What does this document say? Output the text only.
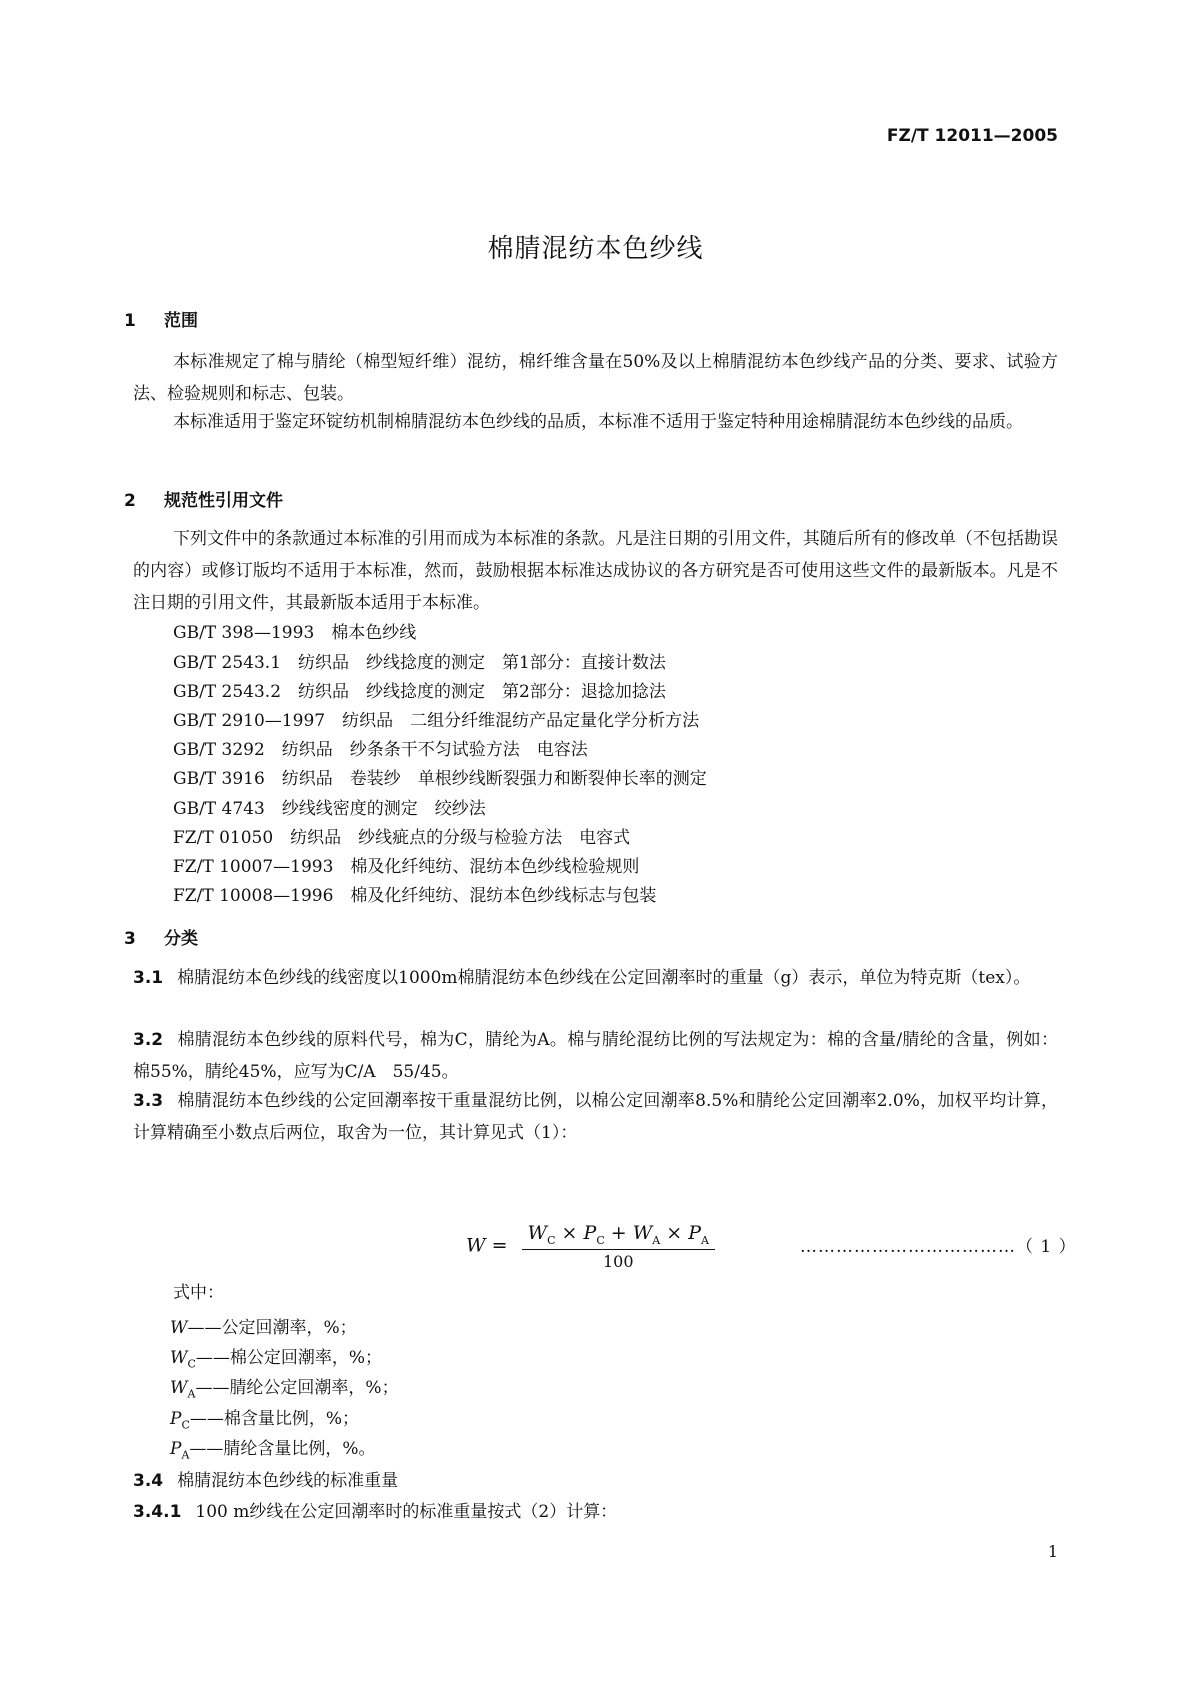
FZ/T 12011—2005
棉腈混纺本色纱线
1 范围
本标准规定了棉与腈纶（棉型短纤维）混纺，棉纤维含量在50%及以上棉腈混纺本色纱线产品的分类、要求、试验方法、检验规则和标志、包装。
本标准适用于鉴定环锭纺机制棉腈混纺本色纱线的品质，本标准不适用于鉴定特种用途棉腈混纺本色纱线的品质。
2 规范性引用文件
下列文件中的条款通过本标准的引用而成为本标准的条款。凡是注日期的引用文件，其随后所有的修改单（不包括勘误的内容）或修订版均不适用于本标准，然而，鼓励根据本标准达成协议的各方研究是否可使用这些文件的最新版本。凡是不注日期的引用文件，其最新版本适用于本标准。
GB/T 398—1993　棉本色纱线
GB/T 2543.1　纺织品　纱线捻度的测定　第1部分：直接计数法
GB/T 2543.2　纺织品　纱线捻度的测定　第2部分：退捻加捻法
GB/T 2910—1997　纺织品　二组分纤维混纺产品定量化学分析方法
GB/T 3292　纺织品　纱条条干不匀试验方法　电容法
GB/T 3916　纺织品　卷装纱　单根纱线断裂强力和断裂伸长率的测定
GB/T 4743　纱线线密度的测定　绞纱法
FZ/T 01050　纺织品　纱线疵点的分级与检验方法　电容式
FZ/T 10007—1993　棉及化纤纯纺、混纺本色纱线检验规则
FZ/T 10008—1996　棉及化纤纯纺、混纺本色纱线标志与包装
3 分类
3.1 棉腈混纺本色纱线的线密度以1000m棉腈混纺本色纱线在公定回潮率时的重量（g）表示，单位为特克斯（tex）。
3.2 棉腈混纺本色纱线的原料代号，棉为C，腈纶为A。棉与腈纶混纺比例的写法规定为：棉的含量/腈纶的含量，例如：棉55%，腈纶45%，应写为C/A　55/45。
3.3 棉腈混纺本色纱线的公定回潮率按干重量混纺比例，以棉公定回潮率8.5%和腈纶公定回潮率2.0%，加权平均计算，计算精确至小数点后两位，取舍为一位，其计算见式（1）：
$W = \frac{W_C \times P_C + W_A \times P_A}{100}$	………………………………（ 1 ）
式中：
W——公定回潮率，%；
$W_C——$棉公定回潮率，%；
$W_A——$腈纶公定回潮率，%；
$P_C——$棉含量比例，%；
$P_A——$腈纶含量比例，%。
3.4 棉腈混纺本色纱线的标准重量
3.4.1 100 m纱线在公定回潮率时的标准重量按式（2）计算：
1
